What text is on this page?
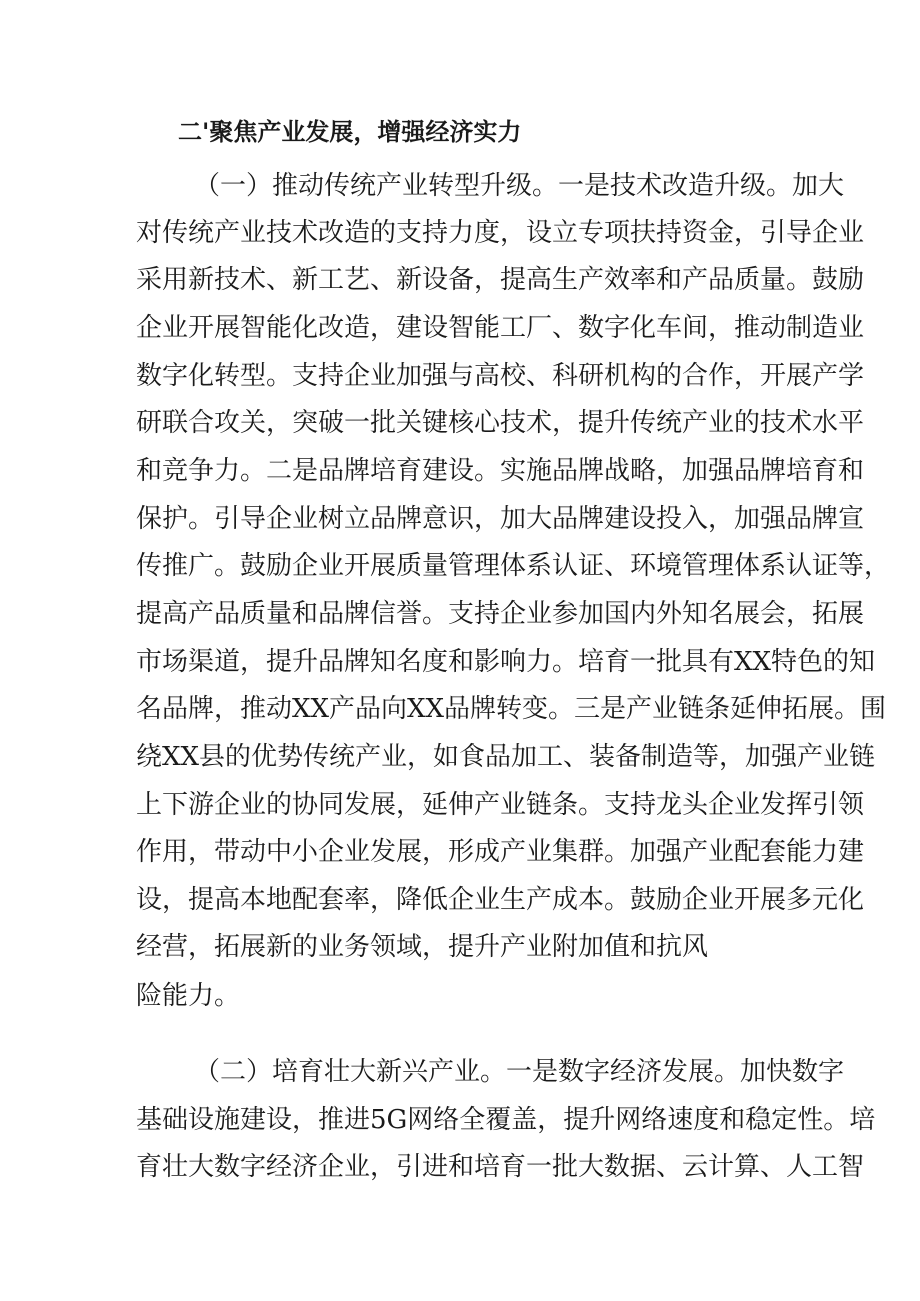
二'聚焦产业发展，增强经济实力
（一）推动传统产业转型升级。一是技术改造升级。加大
对传统产业技术改造的支持力度，设立专项扶持资金，引导企业
采用新技术、新工艺、新设备，提高生产效率和产品质量。鼓励
企业开展智能化改造，建设智能工厂、数字化车间，推动制造业
数字化转型。支持企业加强与高校、科研机构的合作，开展产学
研联合攻关，突破一批关键核心技术，提升传统产业的技术水平
和竞争力。二是品牌培育建设。实施品牌战略，加强品牌培育和
保护。引导企业树立品牌意识，加大品牌建设投入，加强品牌宣
传推广。鼓励企业开展质量管理体系认证、环境管理体系认证等，
提高产品质量和品牌信誉。支持企业参加国内外知名展会，拓展
市场渠道，提升品牌知名度和影响力。培育一批具有XX特色的知
名品牌，推动XX产品向XX品牌转变。三是产业链条延伸拓展。围
绕XX县的优势传统产业，如食品加工、装备制造等，加强产业链
上下游企业的协同发展，延伸产业链条。支持龙头企业发挥引领
作用，带动中小企业发展，形成产业集群。加强产业配套能力建
设，提高本地配套率，降低企业生产成本。鼓励企业开展多元化
经营，拓展新的业务领域，提升产业附加值和抗风
险能力。
（二）培育壮大新兴产业。一是数字经济发展。加快数字
基础设施建设，推进5G网络全覆盖，提升网络速度和稳定性。培
育壮大数字经济企业，引进和培育一批大数据、云计算、人工智
